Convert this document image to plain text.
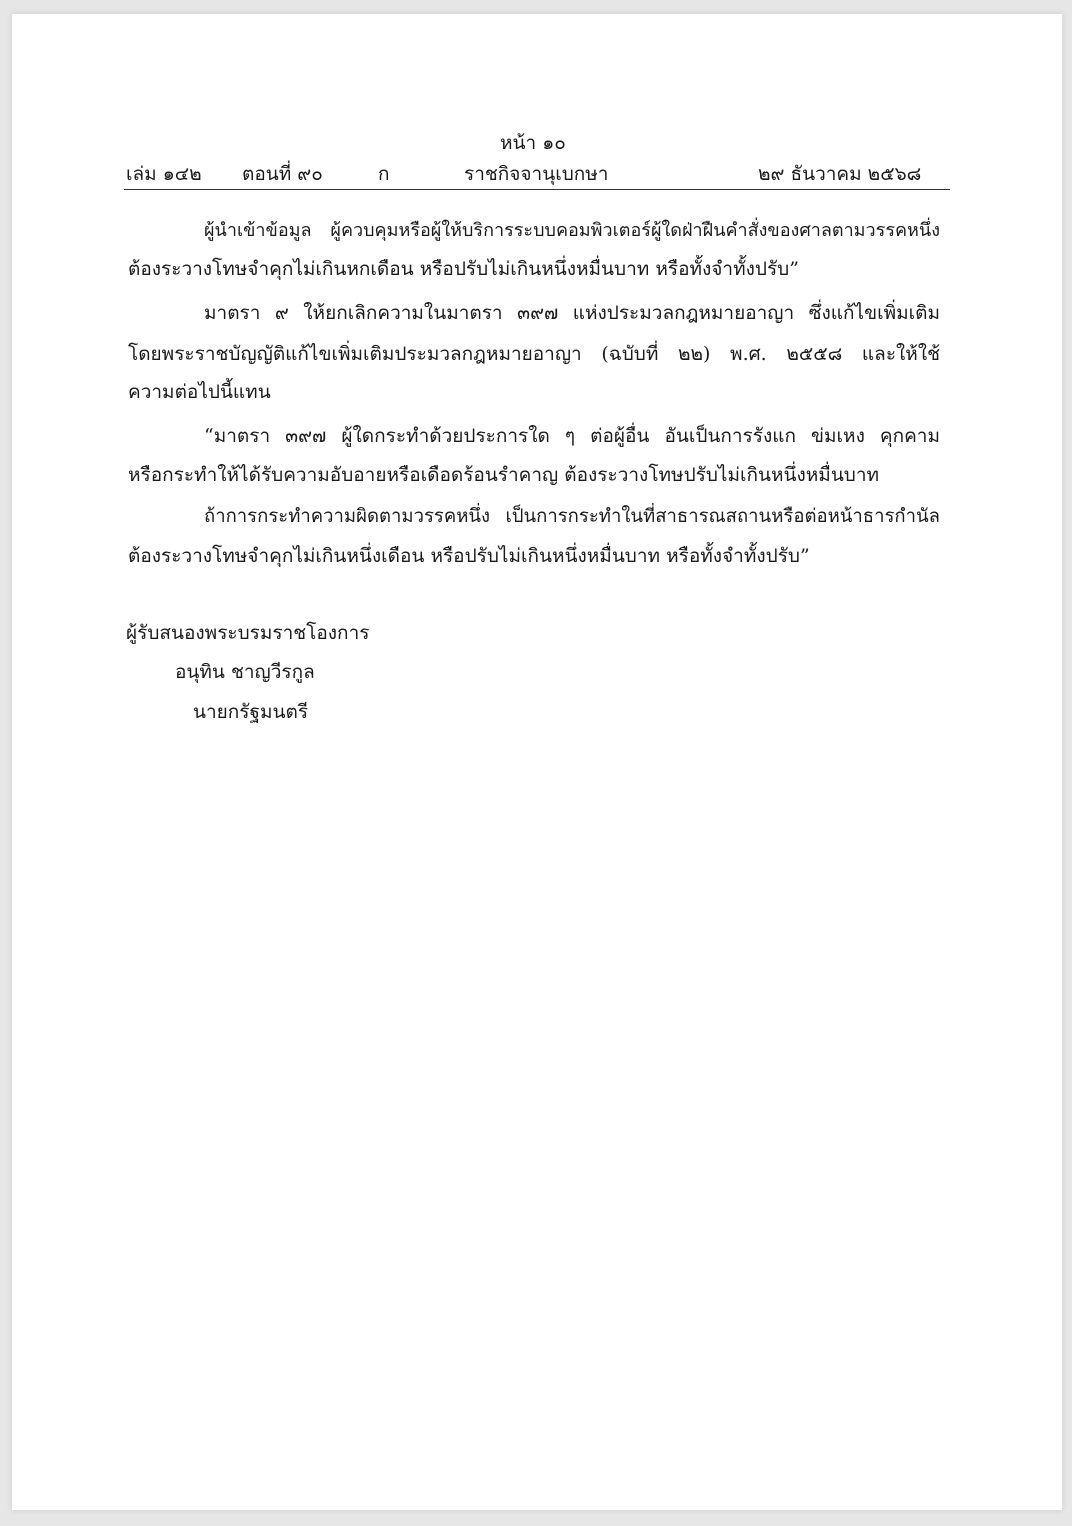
หน้า ๑๐
เล่ม ๑๔๒ ตอนที่ ๙๐	ก	ราชกิจจานุเบกษา	๒๙ ธันวาคม ๒๕๖๘
ผู้นำเข้าข้อมูล ผู้ควบคุมหรือผู้ให้บริการระบบคอมพิวเตอร์ผู้ใดฝ่าฝืนคำสั่งของศาลตามวรรคหนึ่ง
ต้องระวางโทษจำคุกไม่เกินหกเดือน หรือปรับไม่เกินหนึ่งหมื่นบาท หรือทั้งจำทั้งปรับ”
มาตรา ๙ ให้ยกเลิกความในมาตรา ๓๙๗ แห่งประมวลกฎหมายอาญา ซึ่งแก้ไขเพิ่มเติม
โดยพระราชบัญญัติแก้ไขเพิ่มเติมประมวลกฎหมายอาญา (ฉบับที่ ๒๒) พ.ศ. ๒๕๕๘ และให้ใช้
ความต่อไปนี้แทน
“มาตรา ๓๙๗ ผู้ใดกระทำด้วยประการใด ๆ ต่อผู้อื่น อันเป็นการรังแก ข่มเหง คุกคาม
หรือกระทำให้ได้รับความอับอายหรือเดือดร้อนรำคาญ ต้องระวางโทษปรับไม่เกินหนึ่งหมื่นบาท
ถ้าการกระทำความผิดตามวรรคหนึ่ง เป็นการกระทำในที่สาธารณสถานหรือต่อหน้าธารกำนัล
ต้องระวางโทษจำคุกไม่เกินหนึ่งเดือน หรือปรับไม่เกินหนึ่งหมื่นบาท หรือทั้งจำทั้งปรับ”
ผู้รับสนองพระบรมราชโองการ
อนุทิน ชาญวีรกูล
นายกรัฐมนตรี
